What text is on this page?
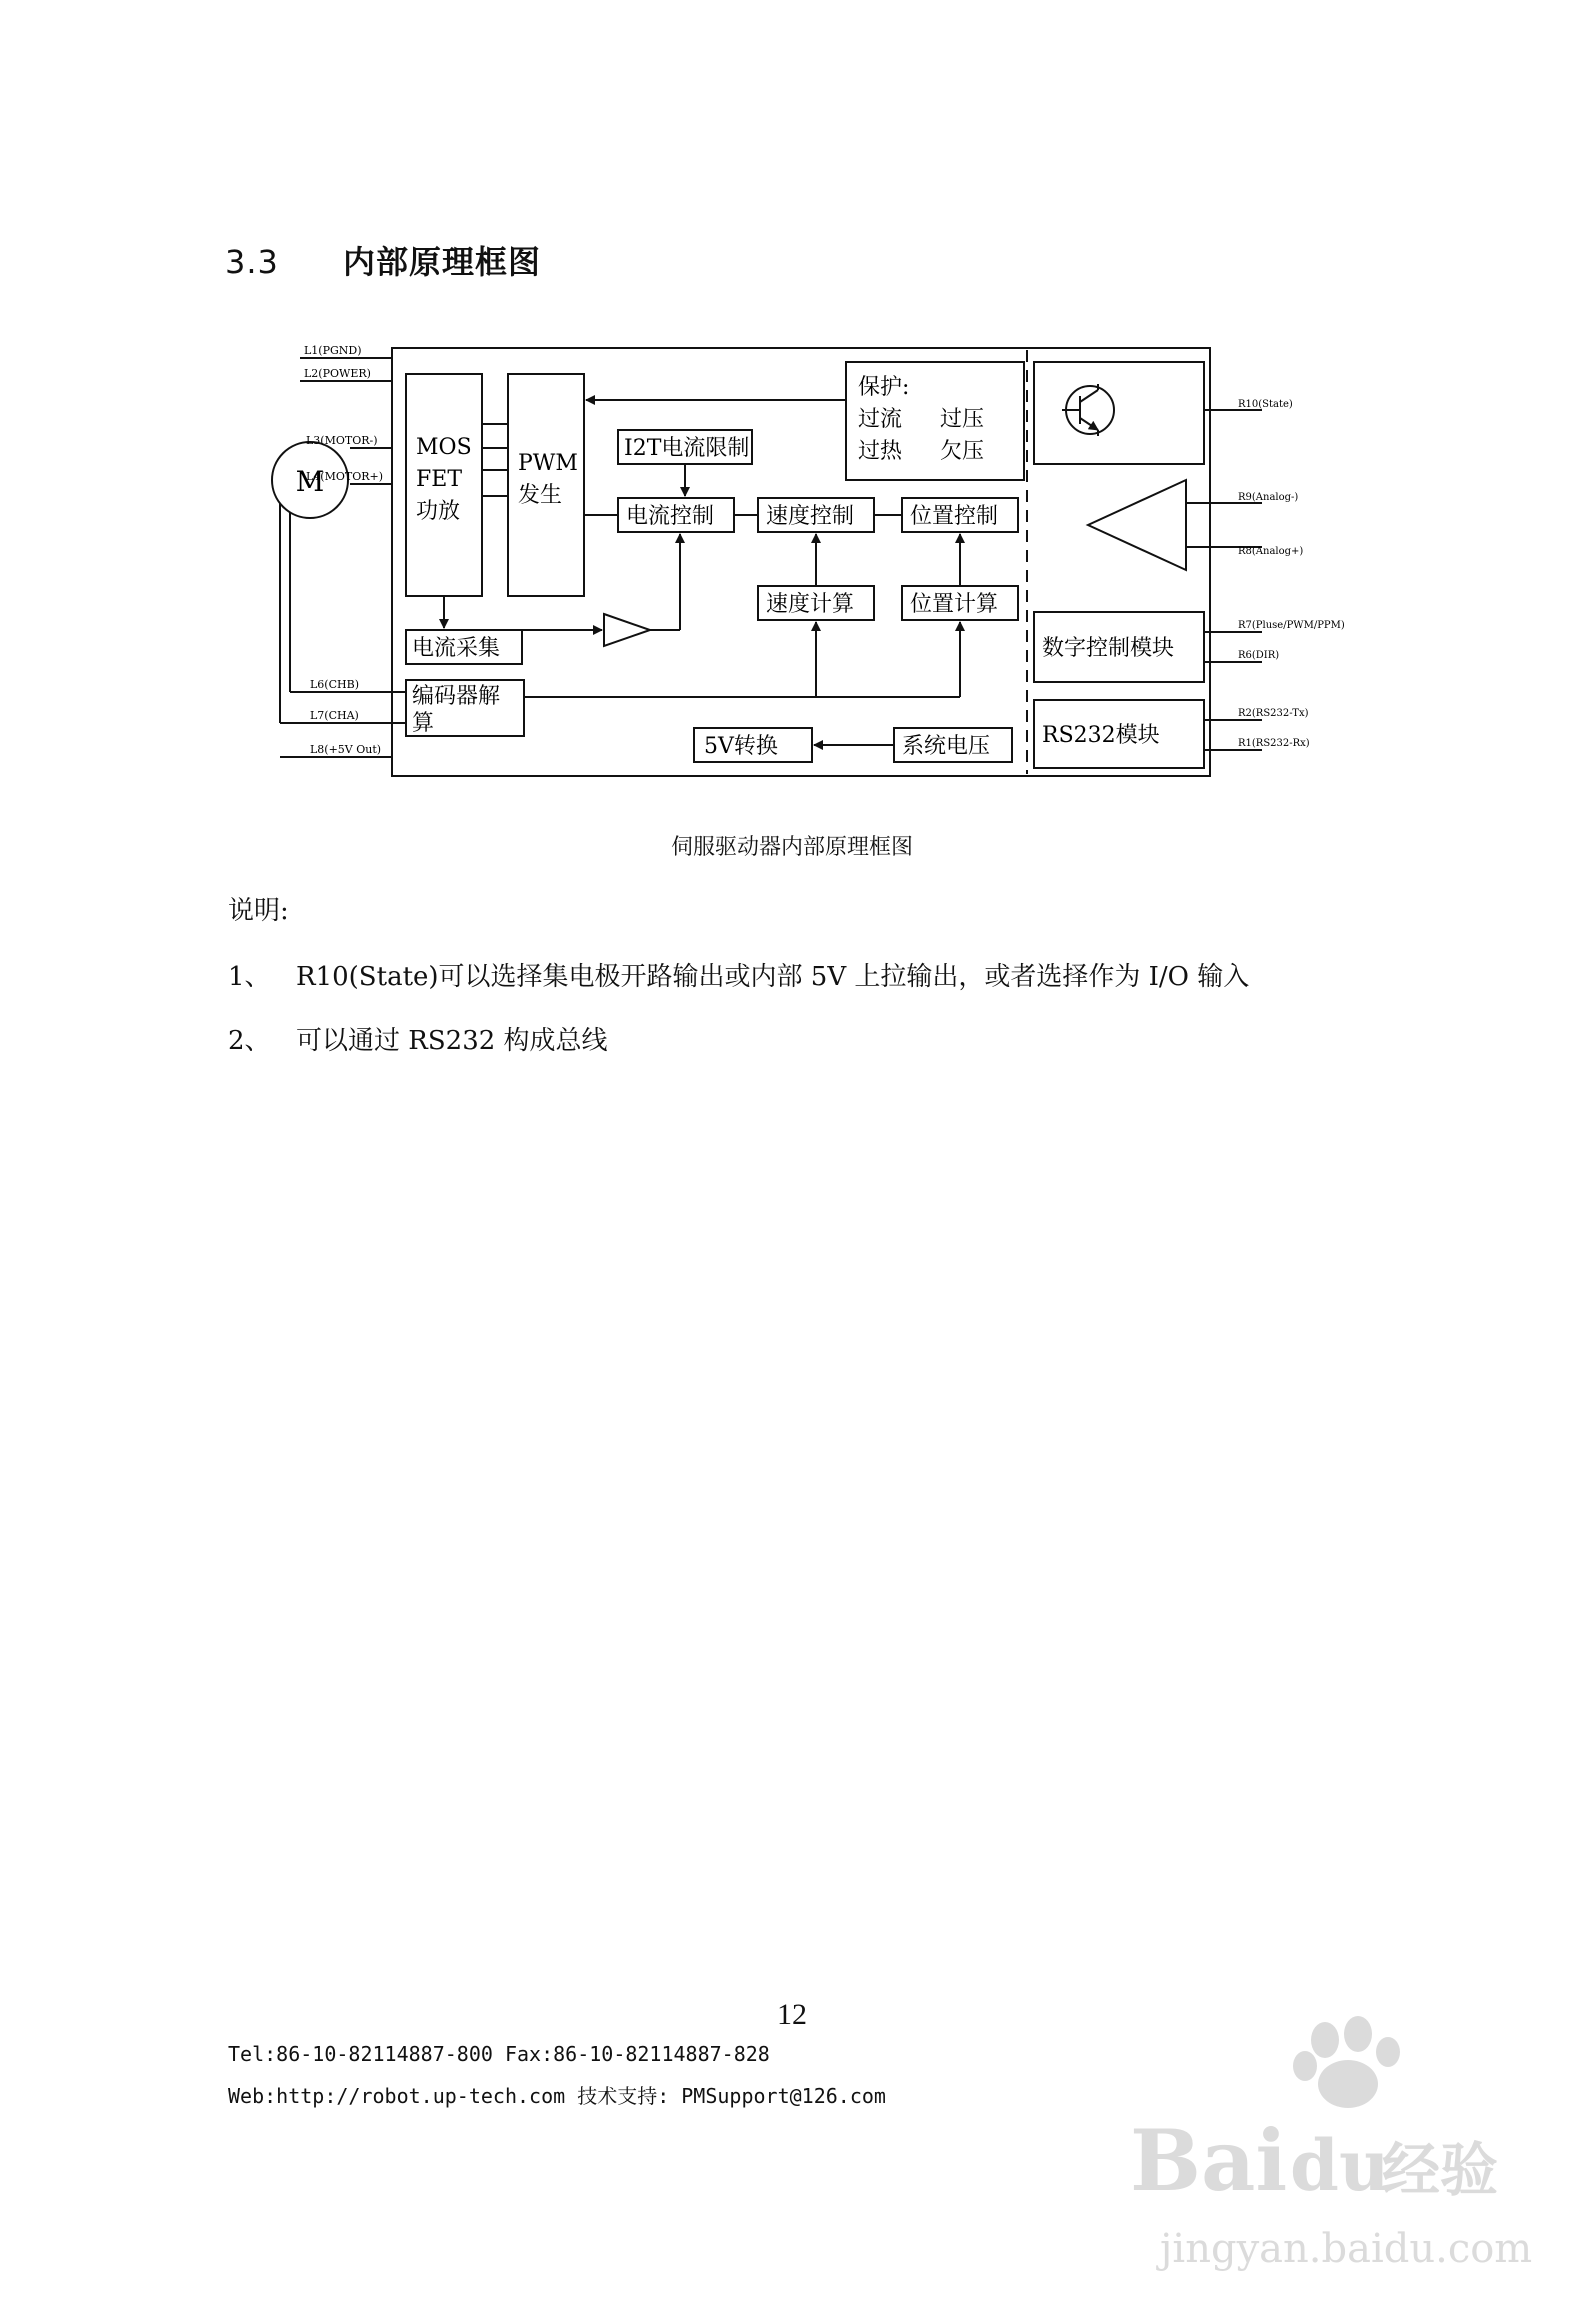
3.3 内部原理框图
M
L1(PGND)
L2(POWER)
L3(MOTOR-)
L4(MOTOR+)
L6(CHB)
L7(CHA)
L8(+5V Out)
MOS
FET
功放
PWM
发生
保护:
过流 过压
过热 欠压
I2T电流限制
电流控制 速度控制	位置控制
速度计算	位置计算
电流采集
编码器解
算
5V转换	系统电压
数字控制模块
RS232模块
R10(State)
R9(Analog-)
R8(Analog+)
R7(Pluse/PWM/PPM)
R6(DIR)
R2(RS232-Tx)
R1(RS232-Rx)
伺服驱动器内部原理框图
说明:
1、 R10(State)可以选择集电极开路输出或内部 5V 上拉输出，或者选择作为 I/O 输入
2、 可以通过 RS232 构成总线
12
Tel:86-10-82114887-800 Fax:86-10-82114887-828
Web:http://robot.up-tech.com 技术支持: PMSupport@126.com
Bai du
经验
jingyan.baidu.com
